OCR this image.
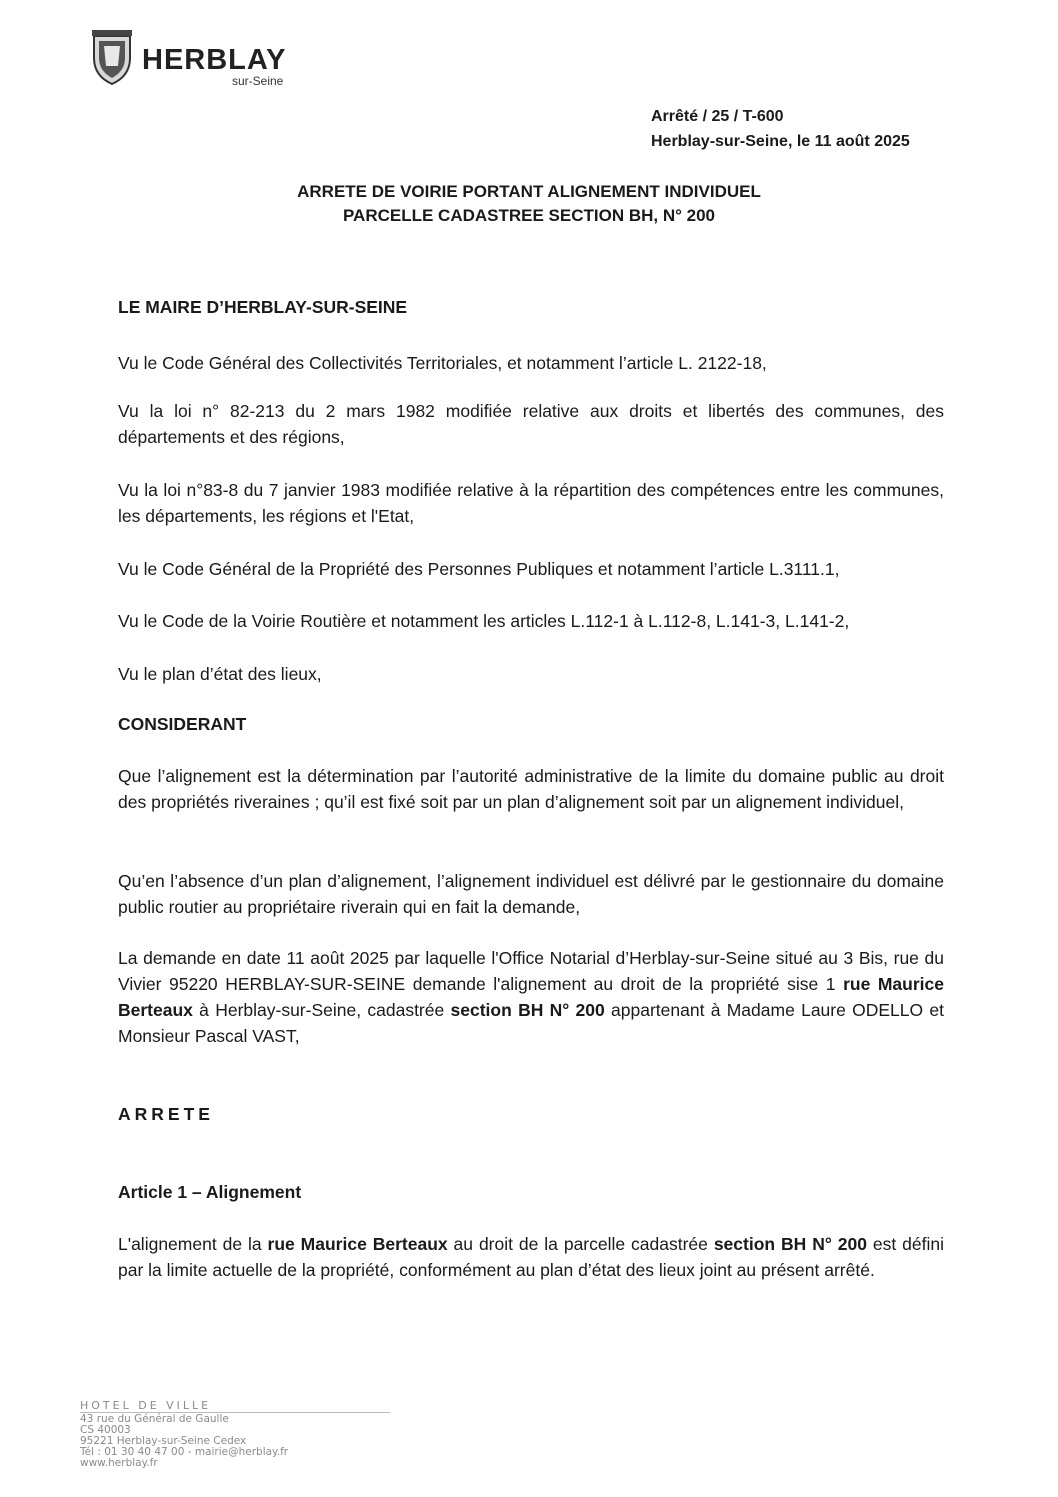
HERBLAY
sur-Seine
Arrêté / 25 / T-600
Herblay-sur-Seine, le 11 août 2025
ARRETE DE VOIRIE PORTANT ALIGNEMENT INDIVIDUEL
PARCELLE CADASTREE SECTION BH, N° 200
LE MAIRE D’HERBLAY-SUR-SEINE
Vu le Code Général des Collectivités Territoriales, et notamment l’article L. 2122-18,
Vu la loi n° 82-213 du 2 mars 1982 modifiée relative aux droits et libertés des communes, des départements et des régions,
Vu la loi n°83-8 du 7 janvier 1983 modifiée relative à la répartition des compétences entre les communes, les départements, les régions et l'Etat,
Vu le Code Général de la Propriété des Personnes Publiques et notamment l’article L.3111.1,
Vu le Code de la Voirie Routière et notamment les articles L.112-1 à L.112-8, L.141-3, L.141-2,
Vu le plan d’état des lieux,
CONSIDERANT
Que l’alignement est la détermination par l’autorité administrative de la limite du domaine public au droit des propriétés riveraines ; qu’il est fixé soit par un plan d’alignement soit par un alignement individuel,
Qu’en l’absence d’un plan d’alignement, l’alignement individuel est délivré par le gestionnaire du domaine public routier au propriétaire riverain qui en fait la demande,
La demande en date 11 août 2025 par laquelle l'Office Notarial d’Herblay-sur-Seine situé au 3 Bis, rue du Vivier 95220 HERBLAY-SUR-SEINE demande l'alignement au droit de la propriété sise 1 rue Maurice Berteaux à Herblay-sur-Seine, cadastrée section BH N° 200 appartenant à Madame Laure ODELLO et Monsieur Pascal VAST,
ARRETE
Article 1 – Alignement
L'alignement de la rue Maurice Berteaux au droit de la parcelle cadastrée section BH N° 200 est défini par la limite actuelle de la propriété, conformément au plan d’état des lieux joint au présent arrêté.
HOTEL DE VILLE
43 rue du Général de Gaulle
CS 40003
95221 Herblay-sur-Seine Cedex
Tél : 01 30 40 47 00 - mairie@herblay.fr
www.herblay.fr
